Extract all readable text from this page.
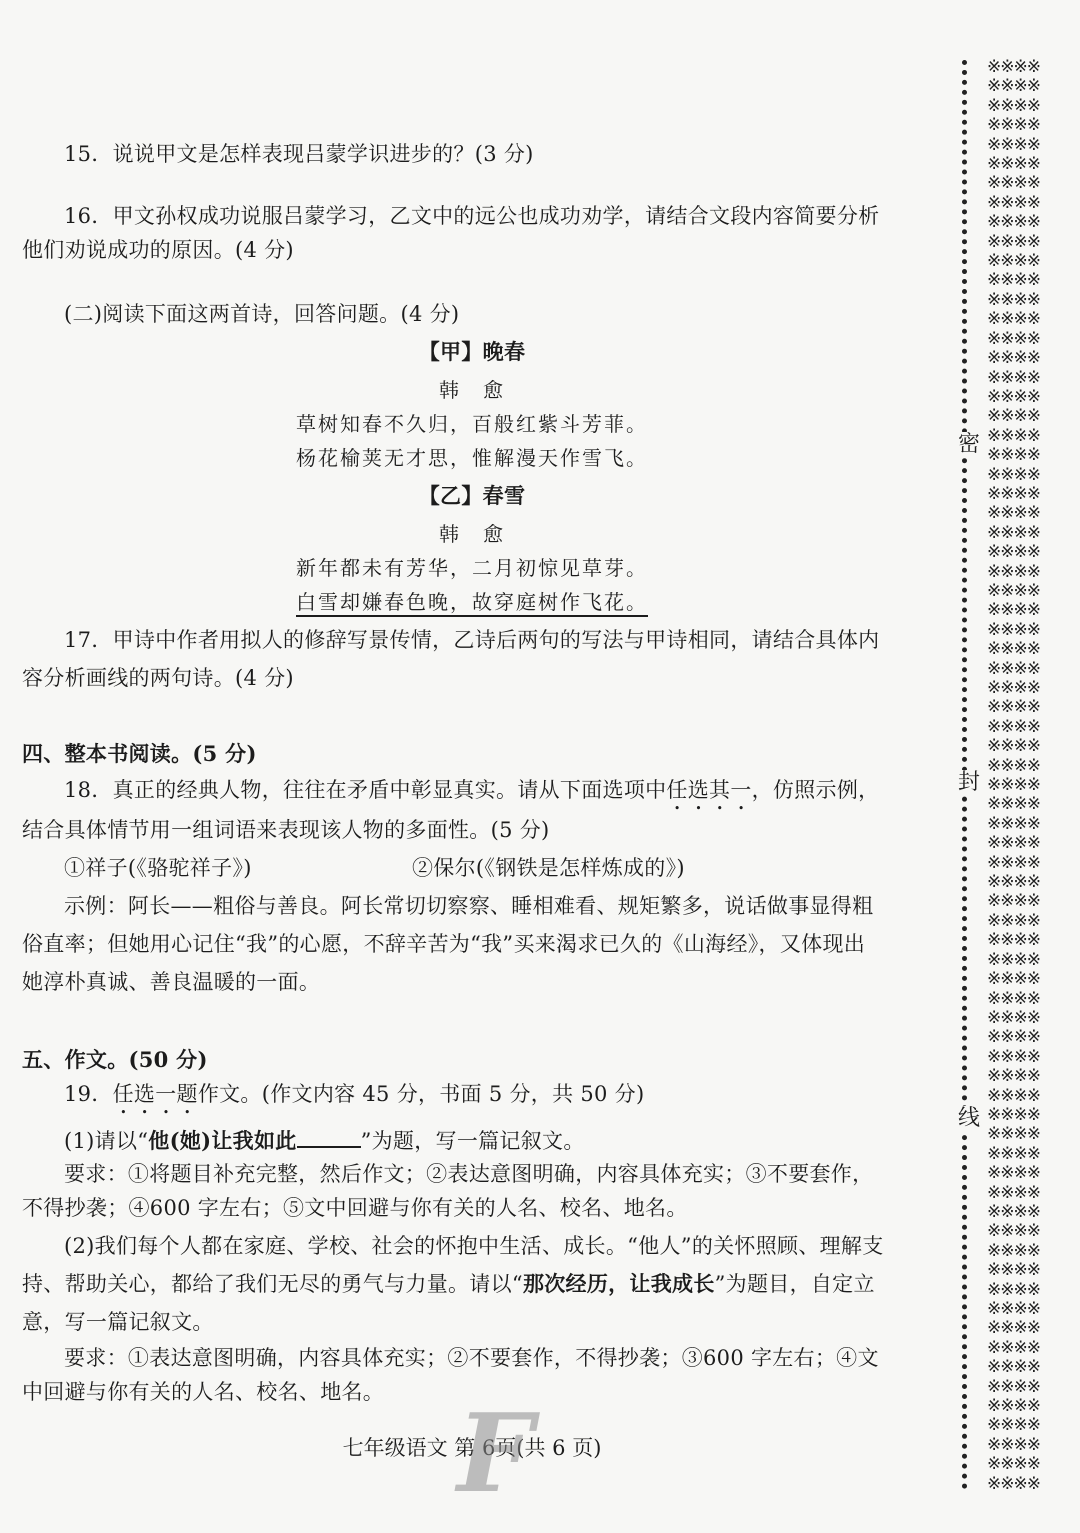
15．说说甲文是怎样表现吕蒙学识进步的？(3 分)
16．甲文孙权成功说服吕蒙学习，乙文中的远公也成功劝学，请结合文段内容简要分析
他们劝说成功的原因。(4 分)
(二)阅读下面这两首诗，回答问题。(4 分)
【甲】晚春
韩　愈
草树知春不久归，百般红紫斗芳菲。
杨花榆荚无才思，惟解漫天作雪飞。
【乙】春雪
韩　愈
新年都未有芳华，二月初惊见草芽。
白雪却嫌春色晚，故穿庭树作飞花。
17．甲诗中作者用拟人的修辞写景传情，乙诗后两句的写法与甲诗相同，请结合具体内
容分析画线的两句诗。(4 分)
四、整本书阅读。(5 分)
18．真正的经典人物，往往在矛盾中彰显真实。请从下面选项中任选其一，仿照示例，
结合具体情节用一组词语来表现该人物的多面性。(5 分)
①祥子(《骆驼祥子》)	②保尔(《钢铁是怎样炼成的》)
示例：阿长——粗俗与善良。阿长常切切察察、睡相难看、规矩繁多，说话做事显得粗
俗直率；但她用心记住“我”的心愿，不辞辛苦为“我”买来渴求已久的《山海经》，又体现出
她淳朴真诚、善良温暖的一面。
五、作文。(50 分)
19．任选一题作文。(作文内容 45 分，书面 5 分，共 50 分)
(1)请以“他(她)让我如此	”为题，写一篇记叙文。
要求：①将题目补充完整，然后作文；②表达意图明确，内容具体充实；③不要套作，
不得抄袭；④600 字左右；⑤文中回避与你有关的人名、校名、地名。
(2)我们每个人都在家庭、学校、社会的怀抱中生活、成长。“他人”的关怀照顾、理解支
持、帮助关心，都给了我们无尽的勇气与力量。请以“那次经历，让我成长”为题目，自定立
意，写一篇记叙文。
要求：①表达意图明确，内容具体充实；②不要套作，不得抄袭；③600 字左右；④文
中回避与你有关的人名、校名、地名。
七年级语文 第 6页(共 6 页)
F
密
封
线
※※※※
※※※※
※※※※
※※※※
※※※※
※※※※
※※※※
※※※※
※※※※
※※※※
※※※※
※※※※
※※※※
※※※※
※※※※
※※※※
※※※※
※※※※
※※※※
※※※※
※※※※
※※※※
※※※※
※※※※
※※※※
※※※※
※※※※
※※※※
※※※※
※※※※
※※※※
※※※※
※※※※
※※※※
※※※※
※※※※
※※※※
※※※※
※※※※
※※※※
※※※※
※※※※
※※※※
※※※※
※※※※
※※※※
※※※※
※※※※
※※※※
※※※※
※※※※
※※※※
※※※※
※※※※
※※※※
※※※※
※※※※
※※※※
※※※※
※※※※
※※※※
※※※※
※※※※
※※※※
※※※※
※※※※
※※※※
※※※※
※※※※
※※※※
※※※※
※※※※
※※※※
※※※※
